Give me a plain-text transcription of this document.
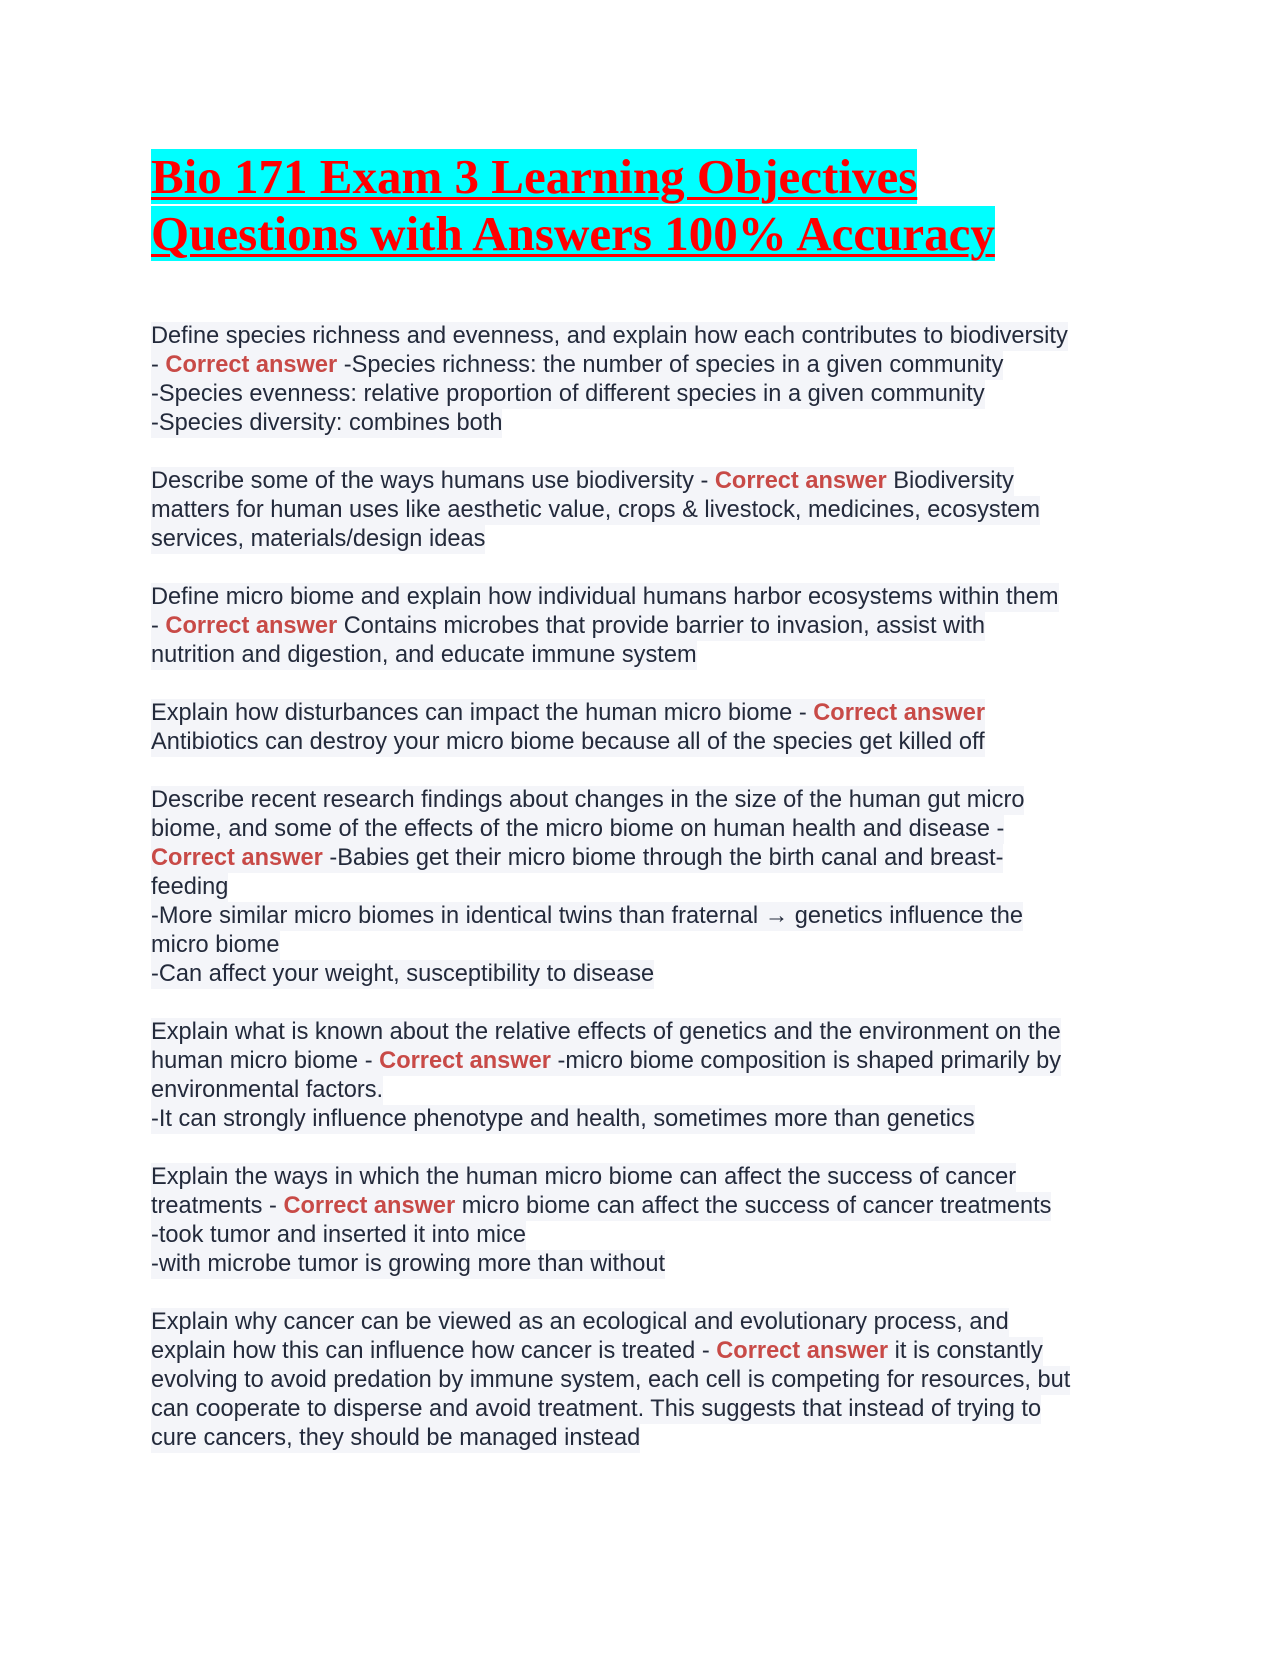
Bio 171 Exam 3 Learning Objectives
Questions with Answers 100% Accuracy
Define species richness and evenness, and explain how each contributes to biodiversity
- Correct answer -Species richness: the number of species in a given community
-Species evenness: relative proportion of different species in a given community
-Species diversity: combines both
Describe some of the ways humans use biodiversity - Correct answer Biodiversity
matters for human uses like aesthetic value, crops & livestock, medicines, ecosystem
services, materials/design ideas
Define micro biome and explain how individual humans harbor ecosystems within them
- Correct answer Contains microbes that provide barrier to invasion, assist with
nutrition and digestion, and educate immune system
Explain how disturbances can impact the human micro biome - Correct answer
Antibiotics can destroy your micro biome because all of the species get killed off
Describe recent research findings about changes in the size of the human gut micro
biome, and some of the effects of the micro biome on human health and disease -
Correct answer -Babies get their micro biome through the birth canal and breast-
feeding
-More similar micro biomes in identical twins than fraternal → genetics influence the
micro biome
-Can affect your weight, susceptibility to disease
Explain what is known about the relative effects of genetics and the environment on the
human micro biome - Correct answer -micro biome composition is shaped primarily by
environmental factors.
-It can strongly influence phenotype and health, sometimes more than genetics
Explain the ways in which the human micro biome can affect the success of cancer
treatments - Correct answer micro biome can affect the success of cancer treatments
-took tumor and inserted it into mice
-with microbe tumor is growing more than without
Explain why cancer can be viewed as an ecological and evolutionary process, and
explain how this can influence how cancer is treated - Correct answer it is constantly
evolving to avoid predation by immune system, each cell is competing for resources, but
can cooperate to disperse and avoid treatment. This suggests that instead of trying to
cure cancers, they should be managed instead
